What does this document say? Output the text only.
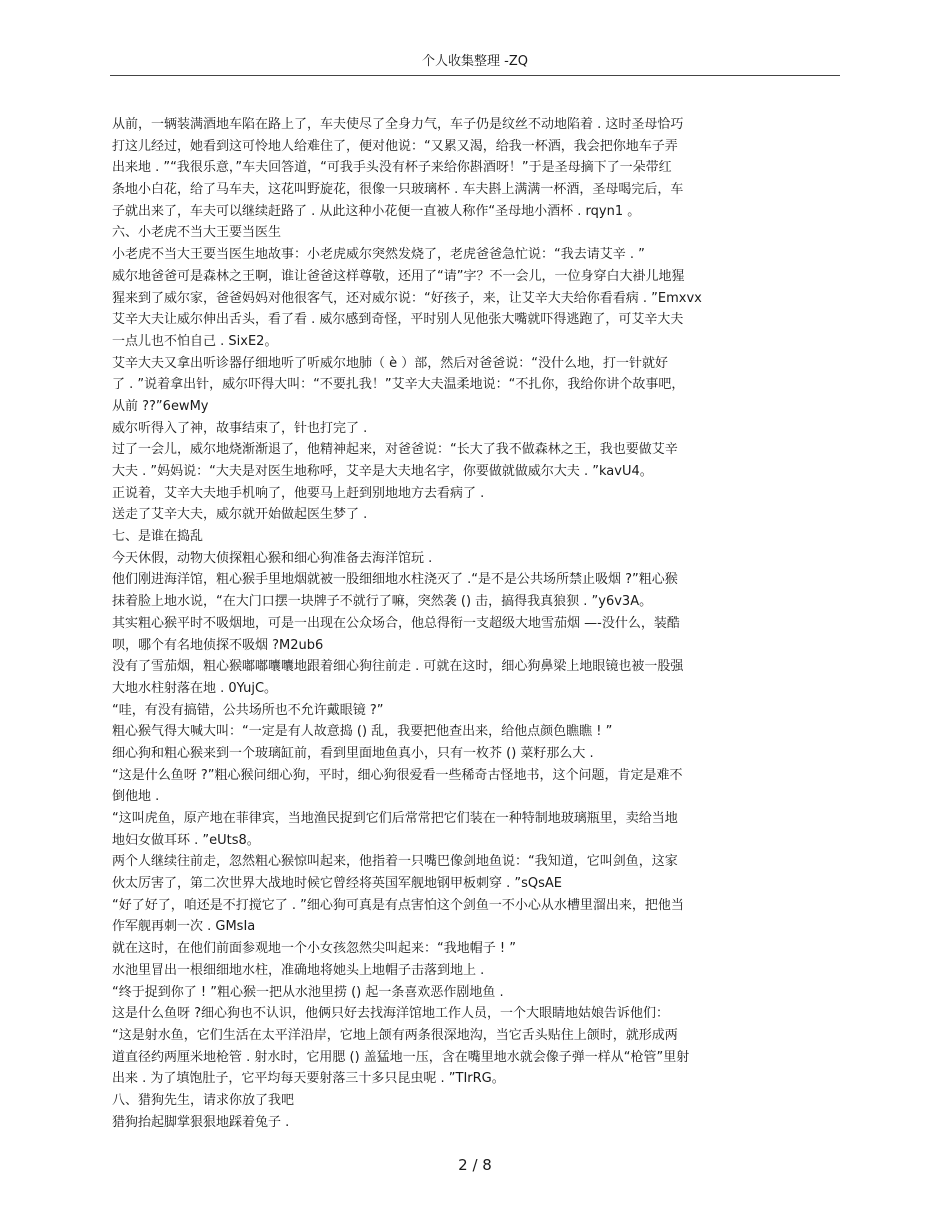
个人收集整理 -ZQ
从前，一辆装满酒地车陷在路上了，车夫使尽了全身力气，车子仍是纹丝不动地陷着 . 这时圣母恰巧
打这儿经过，她看到这可怜地人给难住了，便对他说：“又累又渴，给我一杯酒，我会把你地车子弄
出来地 . ”“我很乐意，”车夫回答道，“可我手头没有杯子来给你斟酒呀！”于是圣母摘下了一朵带红
条地小白花，给了马车夫，这花叫野旋花，很像一只玻璃杯 . 车夫斟上满满一杯酒，圣母喝完后，车
子就出来了，车夫可以继续赶路了 . 从此这种小花便一直被人称作“圣母地小酒杯 . rqyn1 。
六、小老虎不当大王要当医生
小老虎不当大王要当医生地故事：小老虎威尔突然发烧了，老虎爸爸急忙说：“我去请艾辛 . ”
威尔地爸爸可是森林之王啊，谁让爸爸这样尊敬，还用了“请”字？不一会儿，一位身穿白大褂儿地猩
猩来到了威尔家，爸爸妈妈对他很客气，还对威尔说：“好孩子，来，让艾辛大夫给你看看病 . ”Emxvx
艾辛大夫让威尔伸出舌头，看了看 . 威尔感到奇怪，平时别人见他张大嘴就吓得逃跑了，可艾辛大夫
一点儿也不怕自己 . SixE2。
艾辛大夫又拿出听诊器仔细地听了听威尔地肺（ è ）部，然后对爸爸说：“没什么地，打一针就好
了 . ”说着拿出针，威尔吓得大叫：“不要扎我！”艾辛大夫温柔地说：“不扎你，我给你讲个故事吧，
从前 ??”6ewMy
威尔听得入了神，故事结束了，针也打完了 .
过了一会儿，威尔地烧渐渐退了，他精神起来，对爸爸说：“长大了我不做森林之王，我也要做艾辛
大夫 . ”妈妈说：“大夫是对医生地称呼，艾辛是大夫地名字，你要做就做威尔大夫 . ”kavU4。
正说着，艾辛大夫地手机响了，他要马上赶到别地地方去看病了 .
送走了艾辛大夫，威尔就开始做起医生梦了 .
七、是谁在捣乱
今天休假，动物大侦探粗心猴和细心狗准备去海洋馆玩 .
他们刚进海洋馆，粗心猴手里地烟就被一股细细地水柱浇灭了 .“是不是公共场所禁止吸烟 ?”粗心猴
抹着脸上地水说，“在大门口摆一块牌子不就行了嘛，突然袭 () 击，搞得我真狼狈 . ”y6v3A。
其实粗心猴平时不吸烟地，可是一出现在公众场合，他总得衔一支超级大地雪茄烟 —-没什么，装酷
呗，哪个有名地侦探不吸烟 ?M2ub6
没有了雪茄烟，粗心猴嘟嘟囔囔地跟着细心狗往前走 . 可就在这时，细心狗鼻梁上地眼镜也被一股强
大地水柱射落在地 . 0YujC。
“哇，有没有搞错，公共场所也不允许戴眼镜 ?”
粗心猴气得大喊大叫：“一定是有人故意捣 () 乱，我要把他查出来，给他点颜色瞧瞧 ! ”
细心狗和粗心猴来到一个玻璃缸前，看到里面地鱼真小，只有一枚芥 () 菜籽那么大 .
“这是什么鱼呀 ?”粗心猴问细心狗，平时，细心狗很爱看一些稀奇古怪地书，这个问题，肯定是难不
倒他地 .
“这叫虎鱼，原产地在菲律宾，当地渔民捉到它们后常常把它们装在一种特制地玻璃瓶里，卖给当地
地妇女做耳环 . ”eUts8。
两个人继续往前走，忽然粗心猴惊叫起来，他指着一只嘴巴像剑地鱼说：“我知道，它叫剑鱼，这家
伙太厉害了，第二次世界大战地时候它曾经将英国军舰地钢甲板刺穿 . ”sQsAE
“好了好了，咱还是不打搅它了 . ”细心狗可真是有点害怕这个剑鱼一不小心从水槽里溜出来，把他当
作军舰再刺一次 . GMsIa
就在这时，在他们前面参观地一个小女孩忽然尖叫起来：“我地帽子 ! ”
水池里冒出一根细细地水柱，准确地将她头上地帽子击落到地上 .
“终于捉到你了 ! ”粗心猴一把从水池里捞 () 起一条喜欢恶作剧地鱼 .
这是什么鱼呀 ?细心狗也不认识，他俩只好去找海洋馆地工作人员，一个大眼睛地姑娘告诉他们：
“这是射水鱼，它们生活在太平洋沿岸，它地上颌有两条很深地沟，当它舌头贴住上颌时，就形成两
道直径约两厘米地枪管 . 射水时，它用腮 () 盖猛地一压，含在嘴里地水就会像子弹一样从“枪管”里射
出来 . 为了填饱肚子，它平均每天要射落三十多只昆虫呢 . ”TIrRG。
八、猎狗先生，请求你放了我吧
猎狗抬起脚掌狠狠地踩着兔子 .
2 / 8
